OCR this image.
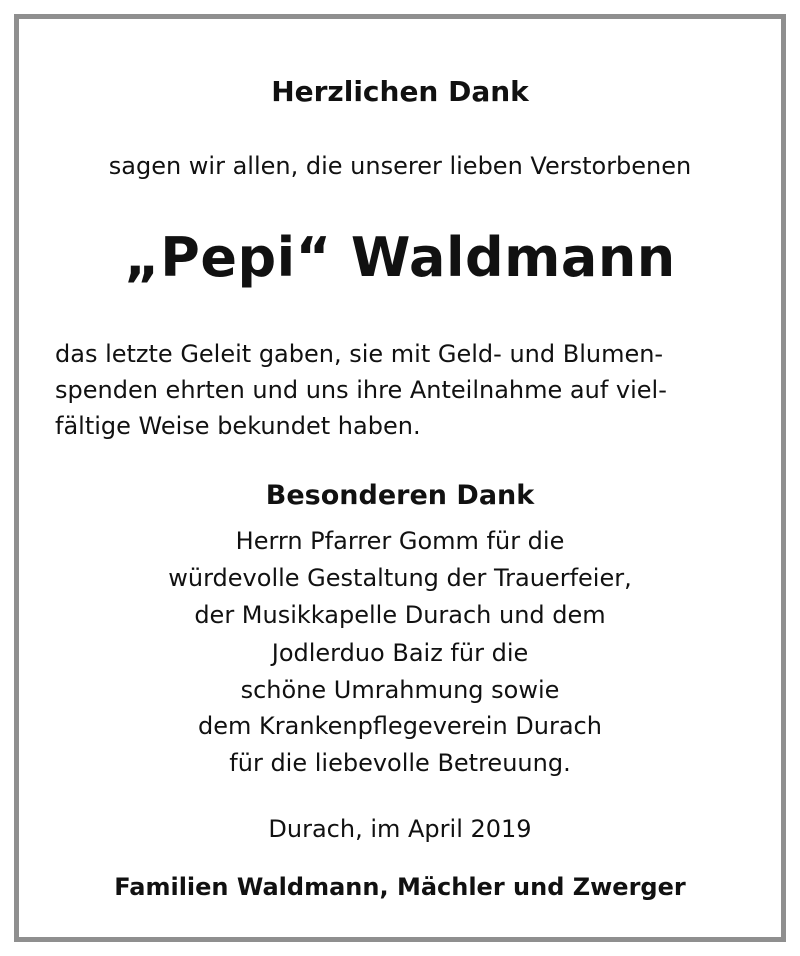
Herzlichen Dank
sagen wir allen, die unserer lieben Verstorbenen
„Pepi“ Waldmann
das letzte Geleit gaben, sie mit Geld- und Blumen-
spenden ehrten und uns ihre Anteilnahme auf viel-
fältige Weise bekundet haben.
Besonderen Dank
Herrn Pfarrer Gomm für die
würdevolle Gestaltung der Trauerfeier,
der Musikkapelle Durach und dem
Jodlerduo Baiz für die
schöne Umrahmung sowie
dem Krankenpflegeverein Durach
für die liebevolle Betreuung.
Durach, im April 2019
Familien Waldmann, Mächler und Zwerger
